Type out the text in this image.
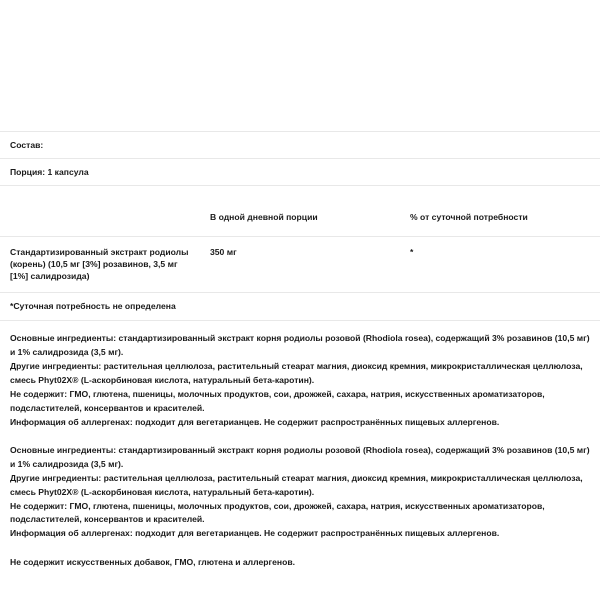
Состав:		
Порция: 1 капсула		

	В одной дневной порции	% от суточной потребности
Стандартизированный экстракт родиолы (корень) (10,5 мг [3%] розавинов, 3,5 мг [1%] салидрозида)	350 мг	*
*Суточная потребность не определена		

Основные ингредиенты: стандартизированный экстракт корня родиолы розовой (Rhodiola rosea), содержащий 3% розавинов (10,5 мг) и 1% салидрозида (3,5 мг).

Другие ингредиенты: растительная целлюлоза, растительный стеарат магния, диоксид кремния, микрокристаллическая целлюлоза, смесь Phyt02X® (L-аскорбиновая кислота, натуральный бета-каротин).

Не содержит: ГМО, глютена, пшеницы, молочных продуктов, сои, дрожжей, сахара, натрия, искусственных ароматизаторов, подсластителей, консервантов и красителей.

Информация об аллергенах: подходит для вегетарианцев. Не содержит распространённых пищевых аллергенов.

Основные ингредиенты: стандартизированный экстракт корня родиолы розовой (Rhodiola rosea), содержащий 3% розавинов (10,5 мг) и 1% салидрозида (3,5 мг).

Другие ингредиенты: растительная целлюлоза, растительный стеарат магния, диоксид кремния, микрокристаллическая целлюлоза, смесь Phyt02X® (L-аскорбиновая кислота, натуральный бета-каротин).

Не содержит: ГМО, глютена, пшеницы, молочных продуктов, сои, дрожжей, сахара, натрия, искусственных ароматизаторов, подсластителей, консервантов и красителей.

Информация об аллергенах: подходит для вегетарианцев. Не содержит распространённых пищевых аллергенов.

Не содержит искусственных добавок, ГМО, глютена и аллергенов.
